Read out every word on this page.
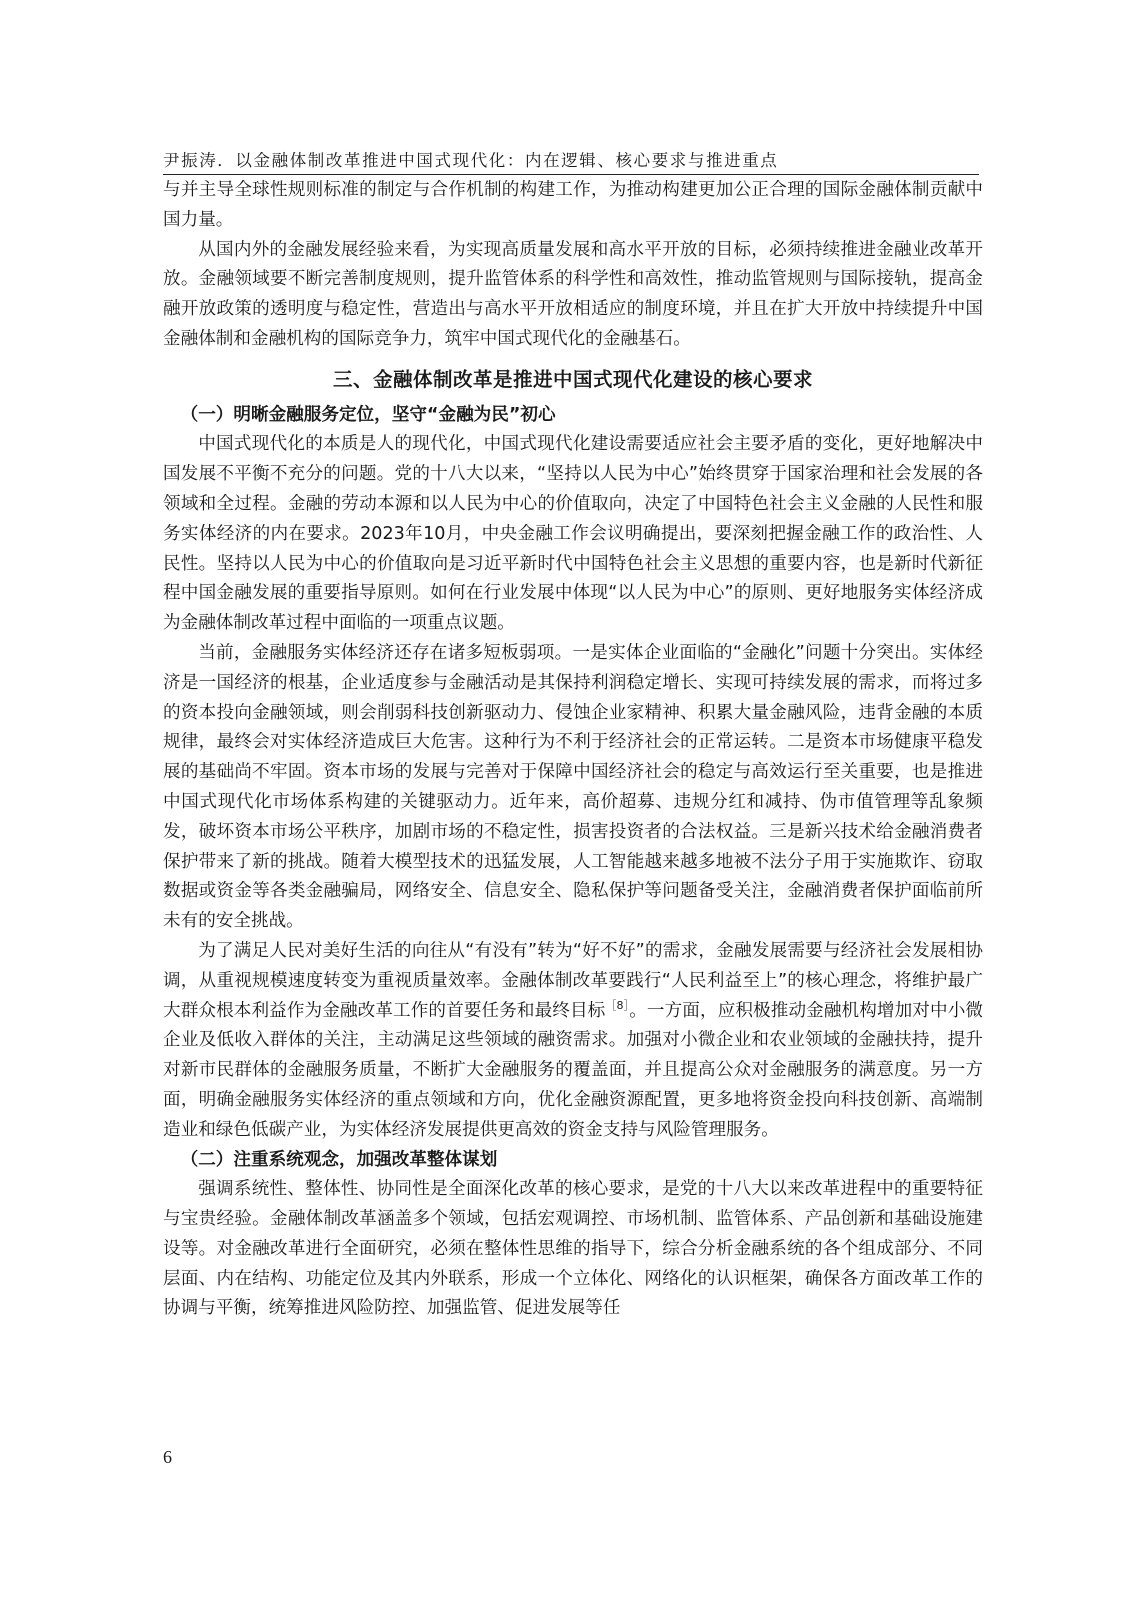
尹振涛．以金融体制改革推进中国式现代化：内在逻辑、核心要求与推进重点

与并主导全球性规则标准的制定与合作机制的构建工作，为推动构建更加公正合理的国际金融体制贡献中国力量。

从国内外的金融发展经验来看，为实现高质量发展和高水平开放的目标，必须持续推进金融业改革开放。金融领域要不断完善制度规则，提升监管体系的科学性和高效性，推动监管规则与国际接轨，提高金融开放政策的透明度与稳定性，营造出与高水平开放相适应的制度环境，并且在扩大开放中持续提升中国金融体制和金融机构的国际竞争力，筑牢中国式现代化的金融基石。

三、金融体制改革是推进中国式现代化建设的核心要求

（一）明晰金融服务定位，坚守“金融为民”初心

中国式现代化的本质是人的现代化，中国式现代化建设需要适应社会主要矛盾的变化，更好地解决中国发展不平衡不充分的问题。党的十八大以来，“坚持以人民为中心”始终贯穿于国家治理和社会发展的各领域和全过程。金融的劳动本源和以人民为中心的价值取向，决定了中国特色社会主义金融的人民性和服务实体经济的内在要求。2023年10月，中央金融工作会议明确提出，要深刻把握金融工作的政治性、人民性。坚持以人民为中心的价值取向是习近平新时代中国特色社会主义思想的重要内容，也是新时代新征程中国金融发展的重要指导原则。如何在行业发展中体现“以人民为中心”的原则、更好地服务实体经济成为金融体制改革过程中面临的一项重点议题。

当前，金融服务实体经济还存在诸多短板弱项。一是实体企业面临的“金融化”问题十分突出。实体经济是一国经济的根基，企业适度参与金融活动是其保持利润稳定增长、实现可持续发展的需求，而将过多的资本投向金融领域，则会削弱科技创新驱动力、侵蚀企业家精神、积累大量金融风险，违背金融的本质规律，最终会对实体经济造成巨大危害。这种行为不利于经济社会的正常运转。二是资本市场健康平稳发展的基础尚不牢固。资本市场的发展与完善对于保障中国经济社会的稳定与高效运行至关重要，也是推进中国式现代化市场体系构建的关键驱动力。近年来，高价超募、违规分红和减持、伪市值管理等乱象频发，破坏资本市场公平秩序，加剧市场的不稳定性，损害投资者的合法权益。三是新兴技术给金融消费者保护带来了新的挑战。随着大模型技术的迅猛发展，人工智能越来越多地被不法分子用于实施欺诈、窃取数据或资金等各类金融骗局，网络安全、信息安全、隐私保护等问题备受关注，金融消费者保护面临前所未有的安全挑战。

为了满足人民对美好生活的向往从“有没有”转为“好不好”的需求，金融发展需要与经济社会发展相协调，从重视规模速度转变为重视质量效率。金融体制改革要践行“人民利益至上”的核心理念，将维护最广大群众根本利益作为金融改革工作的首要任务和最终目标$^{[8]}$。一方面，应积极推动金融机构增加对中小微企业及低收入群体的关注，主动满足这些领域的融资需求。加强对小微企业和农业领域的金融扶持，提升对新市民群体的金融服务质量，不断扩大金融服务的覆盖面，并且提高公众对金融服务的满意度。另一方面，明确金融服务实体经济的重点领域和方向，优化金融资源配置，更多地将资金投向科技创新、高端制造业和绿色低碳产业，为实体经济发展提供更高效的资金支持与风险管理服务。

（二）注重系统观念，加强改革整体谋划

强调系统性、整体性、协同性是全面深化改革的核心要求，是党的十八大以来改革进程中的重要特征与宝贵经验。金融体制改革涵盖多个领域，包括宏观调控、市场机制、监管体系、产品创新和基础设施建设等。对金融改革进行全面研究，必须在整体性思维的指导下，综合分析金融系统的各个组成部分、不同层面、内在结构、功能定位及其内外联系，形成一个立体化、网络化的认识框架，确保各方面改革工作的协调与平衡，统筹推进风险防控、加强监管、促进发展等任

6
